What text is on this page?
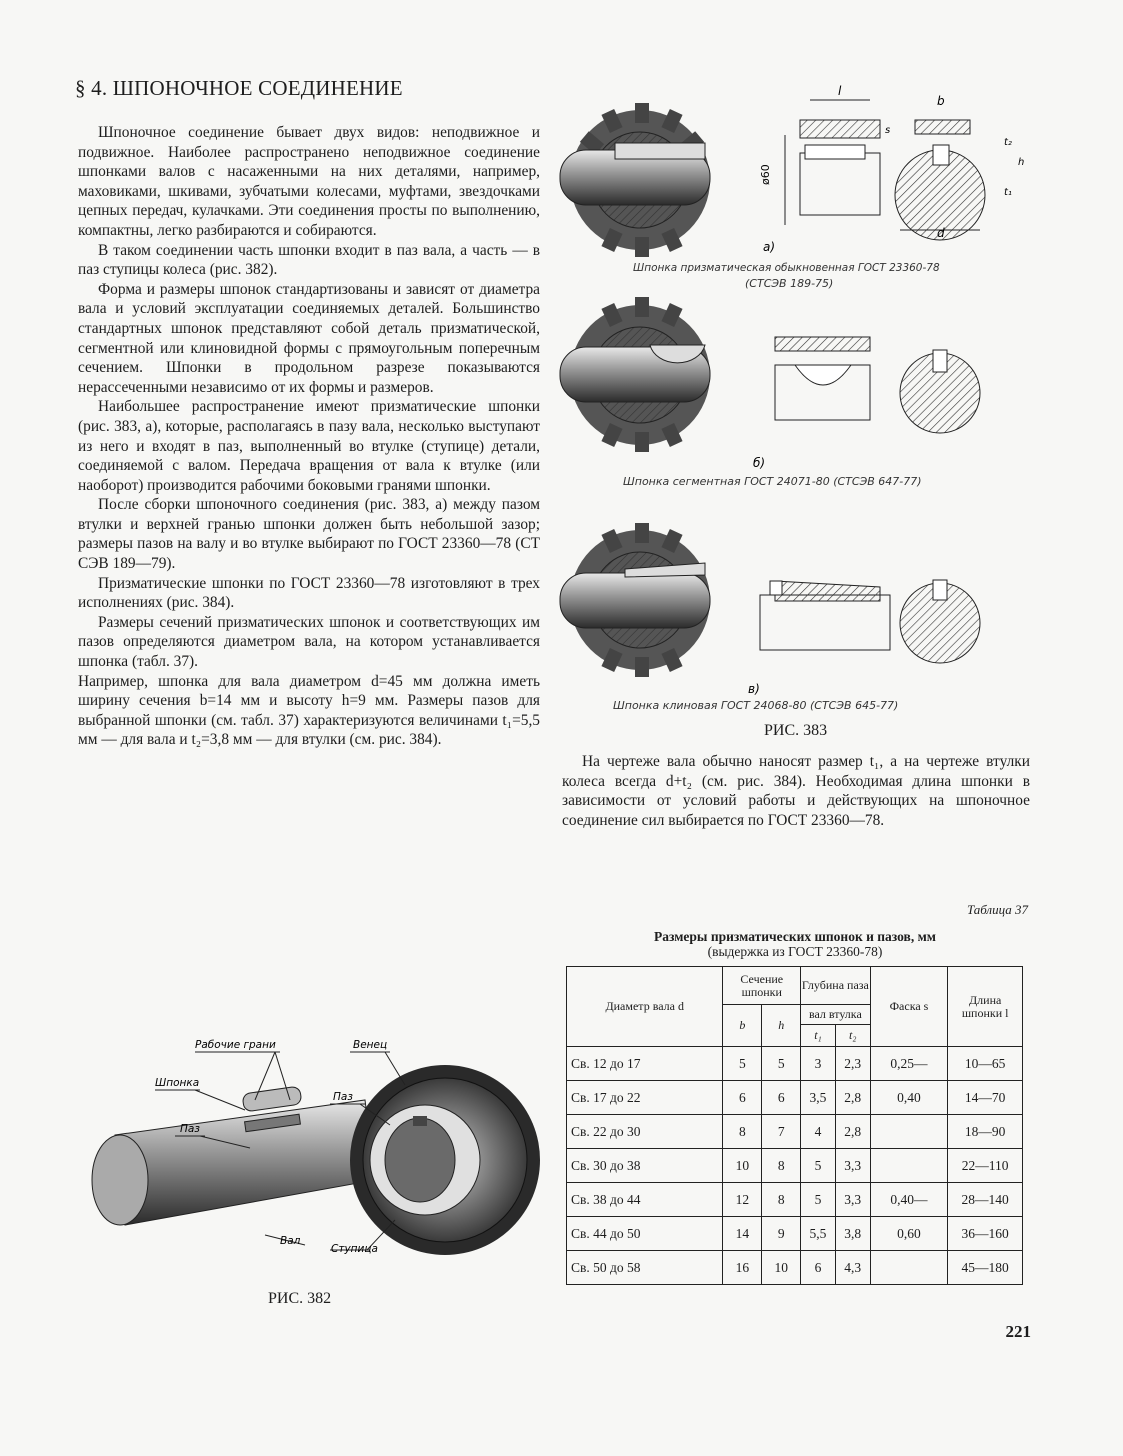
§ 4. ШПОНОЧНОЕ СОЕДИНЕНИЕ

Шпоночное соединение бывает двух видов: неподвижное и подвижное. Наиболее распространено неподвижное соединение шпонками валов с насаженными на них деталями, например, маховиками, шкивами, зубчатыми колесами, муфтами, звездочками цепных передач, кулачками. Эти соединения просты по выполнению, компактны, легко разбираются и собираются.

В таком соединении часть шпонки входит в паз вала, а часть — в паз ступицы колеса (рис. 382).

Форма и размеры шпонок стандартизованы и зависят от диаметра вала и условий эксплуатации соединяемых деталей. Большинство стандартных шпонок представляют собой деталь призматической, сегментной или клиновидной формы с прямоугольным поперечным сечением. Шпонки в продольном разрезе показываются нерассеченными независимо от их формы и размеров.

Наибольшее распространение имеют призматические шпонки (рис. 383, а), которые, располагаясь в пазу вала, несколько выступают из него и входят в паз, выполненный во втулке (ступице) детали, соединяемой с валом. Передача вращения от вала к втулке (или наоборот) производится рабочими боковыми гранями шпонки.

После сборки шпоночного соединения (рис. 383, а) между пазом втулки и верхней гранью шпонки должен быть небольшой зазор; размеры пазов на валу и во втулке выбирают по ГОСТ 23360—78 (СТ СЭВ 189—79).

Призматические шпонки по ГОСТ 23360—78 изготовляют в трех исполнениях (рис. 384).

Размеры сечений призматических шпонок и соответствующих им пазов определяются диаметром вала, на котором устанавливается шпонка (табл. 37).

Например, шпонка для вала диаметром d=45 мм должна иметь ширину сечения b=14 мм и высоту h=9 мм. Размеры пазов для выбранной шпонки (см. табл. 37) характеризуются величинами t₁=5,5 мм — для вала и t₂=3,8 мм — для втулки (см. рис. 384).

l
b
ø60
d
h
t₂
t₁
s
а)
Шпонка призматическая обыкновенная ГОСТ 23360-78
(СТСЭВ 189-75)
б)
Шпонка сегментная ГОСТ 24071-80 (СТСЭВ 647-77)
в)
Шпонка клиновая ГОСТ 24068-80 (СТСЭВ 645-77)
РИС. 383

На чертеже вала обычно наносят размер t₁, а на чертеже втулки колеса всегда d+t₂ (см. рис. 384). Необходимая длина шпонки в зависимости от условий работы и действующих на шпоночное соединение сил выбирается по ГОСТ 23360—78.

Рабочие грани
Шпонка
Паз
Венец
Паз
Вал
Ступица
РИС. 382
Таблица 37
Размеры призматических шпонок и пазов, мм
(выдержка из ГОСТ 23360-78)
Диаметр вала d	Сечение шпонки		Глубина паза		Фаска s	Длина шпонки l
	b	h	вал втулка			
			t₁	t₂		
Св. 12 до 17	5	5	3	2,3	0,25—	10—65
Св. 17 до 22	6	6	3,5	2,8	0,40	14—70
Св. 22 до 30	8	7	4	2,8		18—90
Св. 30 до 38	10	8	5	3,3		22—110
Св. 38 до 44	12	8	5	3,3	0,40—	28—140
Св. 44 до 50	14	9	5,5	3,8	0,60	36—160
Св. 50 до 58	16	10	6	4,3		45—180
221
